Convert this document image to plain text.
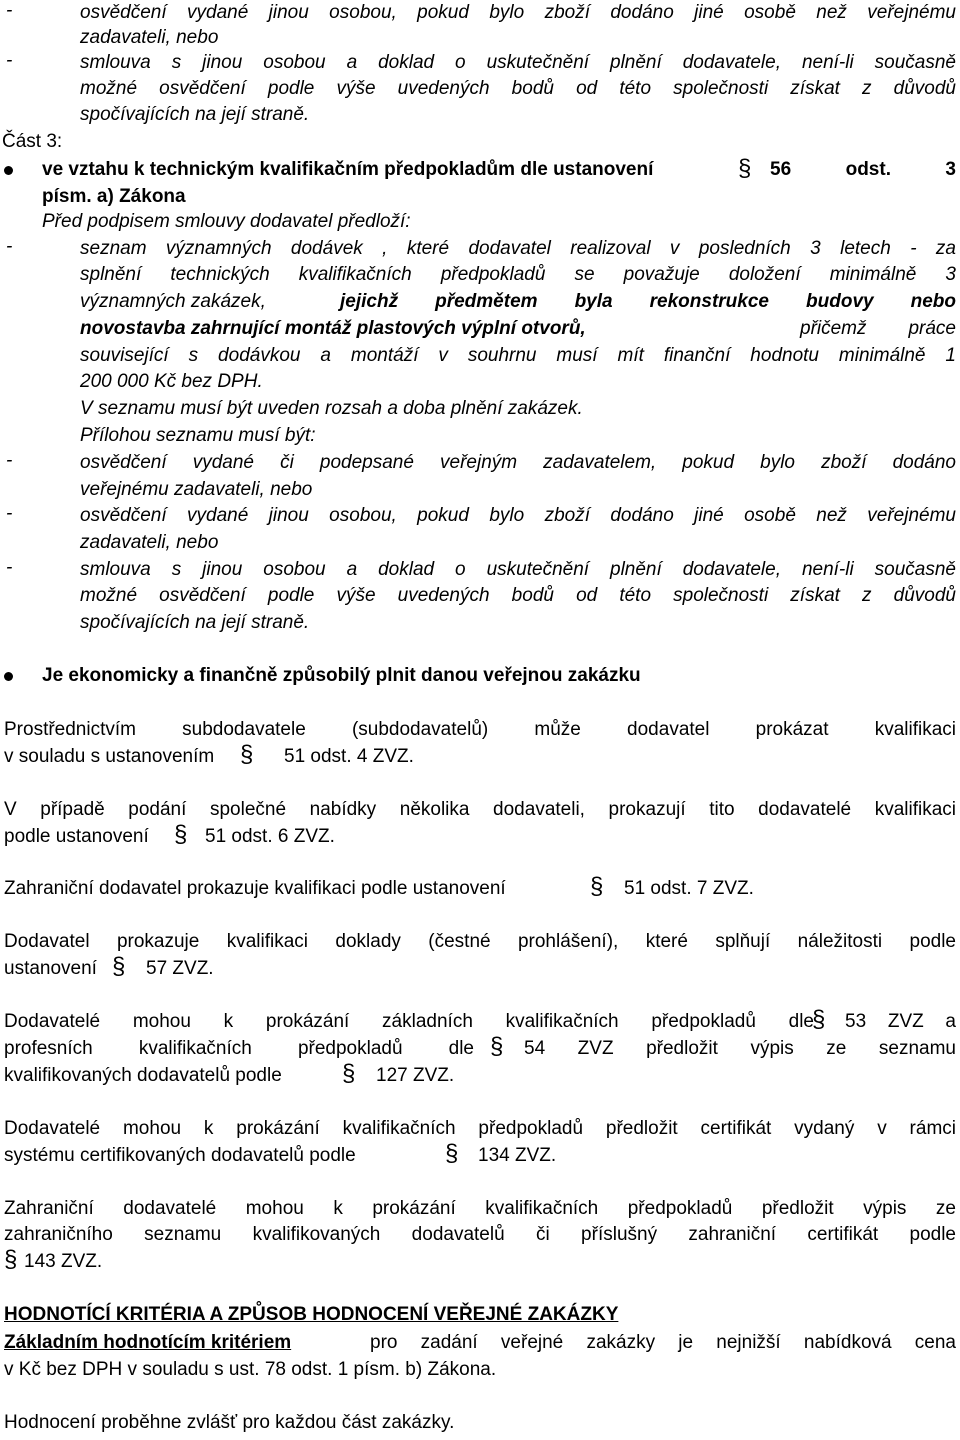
-	osvědčení vydané jinou osobou, pokud bylo zboží dodáno jiné osobě než veřejnému
zadavateli, nebo
-	smlouva s jinou osobou a doklad o uskutečnění plnění dodavatele, není-li současně
možné osvědčení podle výše uvedených bodů od této společnosti získat z důvodů
spočívajících na její straně.
Část 3:
ve vztahu k technickým kvalifikačním předpokladům dle ustanovení	§ 56 odst. 3
písm. a) Zákona
Před podpisem smlouvy dodavatel předloží:
-	seznam významných dodávek , které dodavatel realizoval v posledních 3 letech - za
splnění technických kvalifikačních předpokladů se považuje doložení minimálně 3
významných zakázek,	jejichž předmětem byla rekonstrukce budovy nebo
novostavba zahrnující montáž plastových výplní otvorů,	přičemž práce
související s dodávkou a montáží v souhrnu musí mít finanční hodnotu minimálně 1
200 000 Kč bez DPH.
V seznamu musí být uveden rozsah a doba plnění zakázek.
Přílohou seznamu musí být:
-	osvědčení vydané či podepsané veřejným zadavatelem, pokud bylo zboží dodáno
veřejnému zadavateli, nebo
-	osvědčení vydané jinou osobou, pokud bylo zboží dodáno jiné osobě než veřejnému
zadavateli, nebo
-	smlouva s jinou osobou a doklad o uskutečnění plnění dodavatele, není-li současně
možné osvědčení podle výše uvedených bodů od této společnosti získat z důvodů
spočívajících na její straně.
Je ekonomicky a finančně způsobilý plnit danou veřejnou zakázku
Prostřednictvím subdodavatele (subdodavatelů) může dodavatel prokázat kvalifikaci
v souladu s ustanovením § 51 odst. 4 ZVZ.
V případě podání společné nabídky několika dodavateli, prokazují tito dodavatelé kvalifikaci
podle ustanovení § 51 odst. 6 ZVZ.
Zahraniční dodavatel prokazuje kvalifikaci podle ustanovení	§ 51 odst. 7 ZVZ.
Dodavatel prokazuje kvalifikaci doklady (čestné prohlášení), které splňují náležitosti podle
ustanovení § 57 ZVZ.
Dodavatelé mohou k prokázání základních kvalifikačních předpokladů dle
§ 53 ZVZ a
profesních kvalifikačních předpokladů dle § 54 ZVZ předložit výpis ze seznamu
kvalifikovaných dodavatelů podle	§ 127 ZVZ.
Dodavatelé mohou k prokázání kvalifikačních předpokladů předložit certifikát vydaný v rámci
systému certifikovaných dodavatelů podle	§ 134 ZVZ.
Zahraniční dodavatelé mohou k prokázání kvalifikačních předpokladů předložit výpis ze
zahraničního seznamu kvalifikovaných dodavatelů či příslušný zahraniční certifikát podle
§ 143 ZVZ.
HODNOTÍCÍ KRITÉRIA A ZPŮSOB HODNOCENÍ VEŘEJNÉ ZAKÁZKY
Základním hodnotícím kritériem	pro zadání veřejné zakázky je nejnižší nabídková cena
v Kč bez DPH v souladu s ust. 78 odst. 1 písm. b) Zákona.
Hodnocení proběhne zvlášť pro každou část zakázky.
